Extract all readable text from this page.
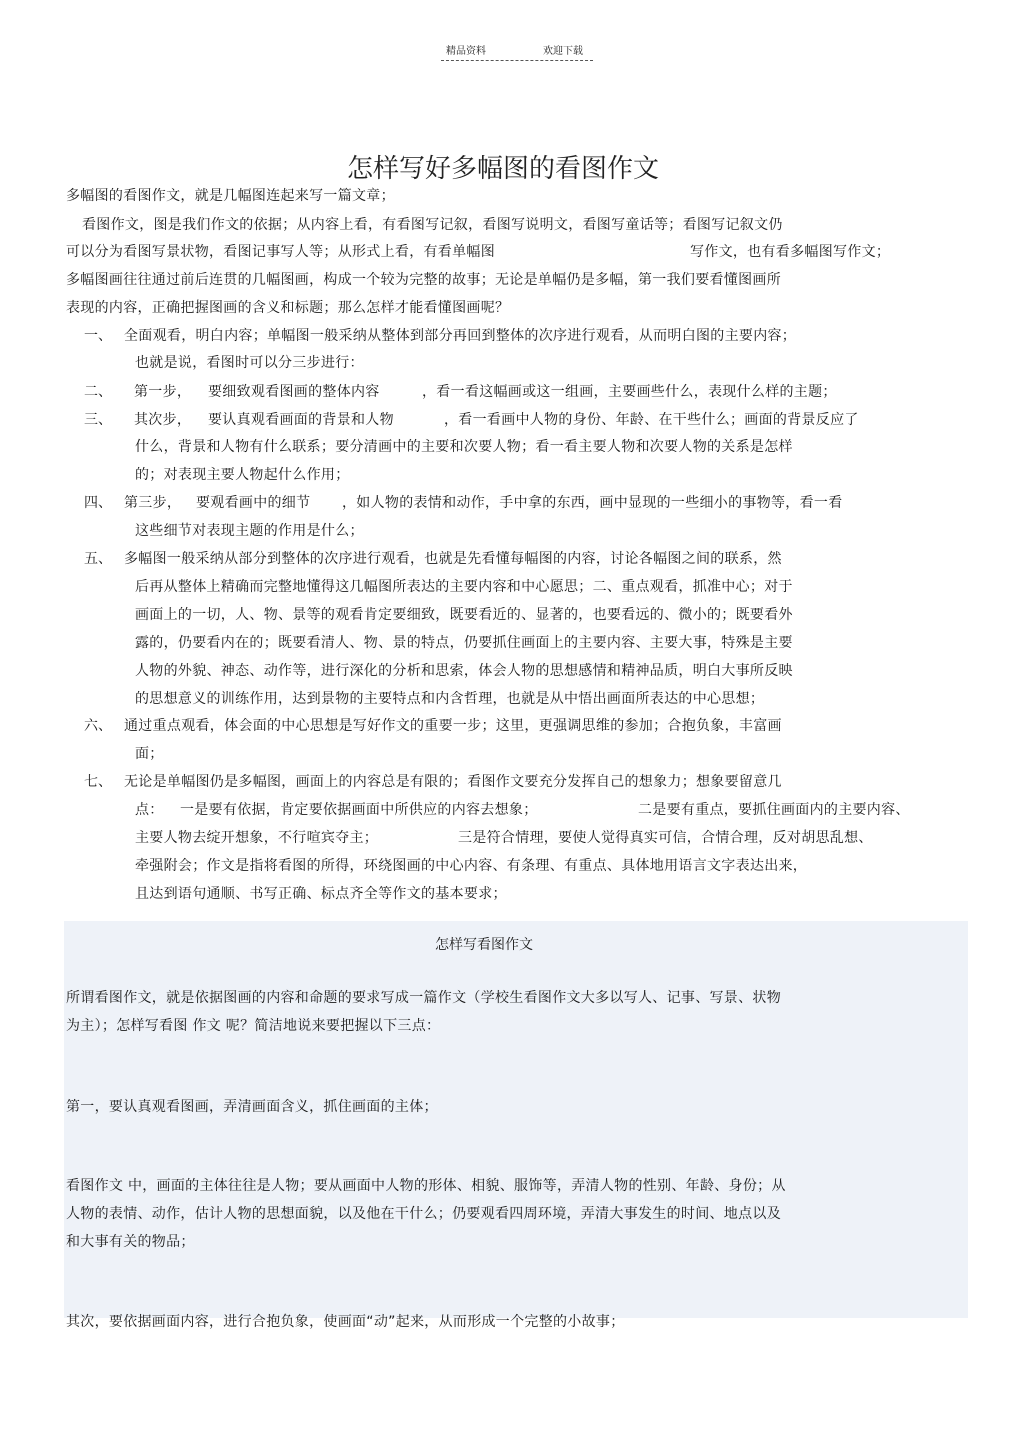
精品资料	欢迎下载
怎样写好多幅图的看图作文
多幅图的看图作文，就是几幅图连起来写一篇文章；
看图作文，图是我们作文的依据；从内容上看，有看图写记叙，看图写说明文，看图写童话等；看图写记叙文仍
可以分为看图写景状物，看图记事写人等；从形式上看，有看单幅图	写作文，也有看多幅图写作文；
多幅图画往往通过前后连贯的几幅图画，构成一个较为完整的故事；无论是单幅仍是多幅，第一我们要看懂图画所
表现的内容，正确把握图画的含义和标题；那么怎样才能看懂图画呢？
一、 全面观看，明白内容；单幅图一般采纳从整体到部分再回到整体的次序进行观看，从而明白图的主要内容；
也就是说，看图时可以分三步进行：
二、 第一步， 要细致观看图画的整体内容	，看一看这幅画或这一组画，主要画些什么，表现什么样的主题；
三、 其次步， 要认真观看画面的背景和人物	，看一看画中人物的身份、年龄、在干些什么；画面的背景反应了
什么，背景和人物有什么联系；要分清画中的主要和次要人物；看一看主要人物和次要人物的关系是怎样
的；对表现主要人物起什么作用；
四、 第三步， 要观看画中的细节 ，如人物的表情和动作，手中拿的东西，画中显现的一些细小的事物等，看一看
这些细节对表现主题的作用是什么；
五、 多幅图一般采纳从部分到整体的次序进行观看，也就是先看懂每幅图的内容，讨论各幅图之间的联系，然
后再从整体上精确而完整地懂得这几幅图所表达的主要内容和中心愿思；二、重点观看，抓准中心；对于
画面上的一切，人、物、景等的观看肯定要细致，既要看近的、显著的，也要看远的、微小的；既要看外
露的，仍要看内在的；既要看清人、物、景的特点，仍要抓住画面上的主要内容、主要大事，特殊是主要
人物的外貌、神态、动作等，进行深化的分析和思索，体会人物的思想感情和精神品质，明白大事所反映
的思想意义的训练作用，达到景物的主要特点和内含哲理，也就是从中悟出画面所表达的中心思想；
六、 通过重点观看，体会面的中心思想是写好作文的重要一步；这里，更强调思维的参加；合抱负象，丰富画
面；
七、 无论是单幅图仍是多幅图，画面上的内容总是有限的；看图作文要充分发挥自己的想象力；想象要留意几
点： 一是要有依据，肯定要依据画面中所供应的内容去想象；	二是要有重点，要抓住画面内的主要内容、
主要人物去绽开想象，不行喧宾夺主；	三是符合情理，要使人觉得真实可信，合情合理，反对胡思乱想、
牵强附会；作文是指将看图的所得，环绕图画的中心内容、有条理、有重点、具体地用语言文字表达出来，
且达到语句通顺、书写正确、标点齐全等作文的基本要求；
怎样写看图作文
所谓看图作文，就是依据图画的内容和命题的要求写成一篇作文（学校生看图作文大多以写人、记事、写景、状物
为主）；怎样写看图 作文 呢？简洁地说来要把握以下三点：
第一，要认真观看图画，弄清画面含义，抓住画面的主体；
看图作文 中，画面的主体往往是人物；要从画面中人物的形体、相貌、服饰等，弄清人物的性别、年龄、身份；从
人物的表情、动作，估计人物的思想面貌，以及他在干什么；仍要观看四周环境，弄清大事发生的时间、地点以及
和大事有关的物品；
其次，要依据画面内容，进行合抱负象，使画面“动”起来，从而形成一个完整的小故事；
